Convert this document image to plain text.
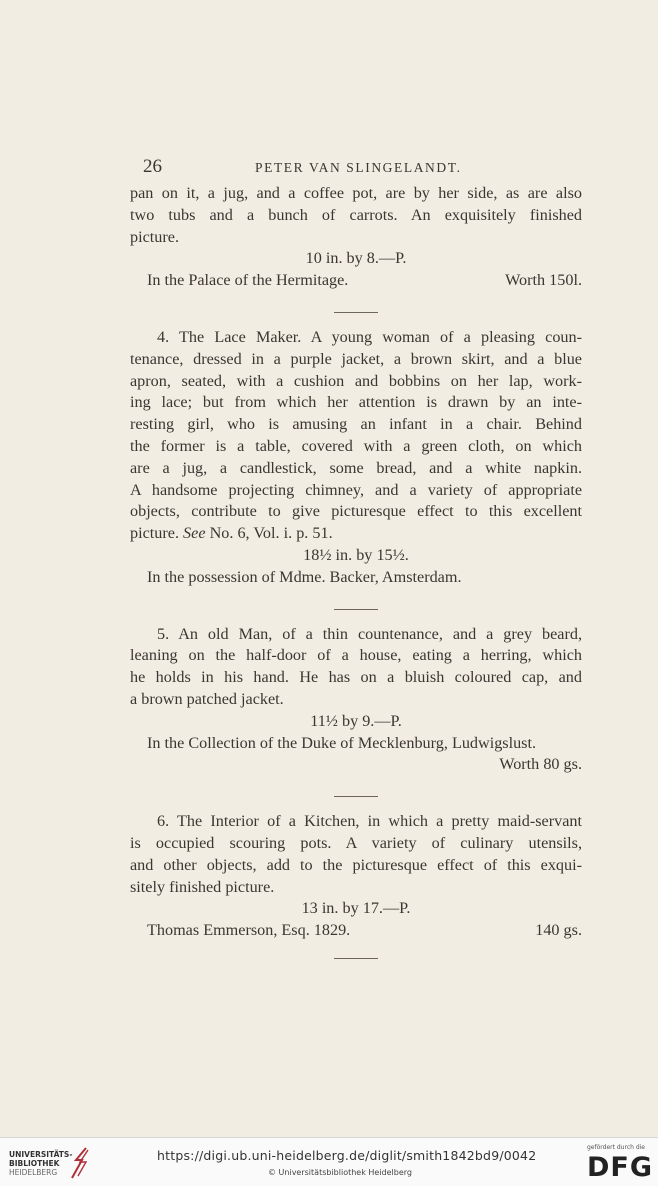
26	PETER VAN SLINGELANDT.
pan on it, a jug, and a coffee pot, are by her side, as are also
two tubs and a bunch of carrots. An exquisitely finished
picture.
10 in. by 8.—P.
In the Palace of the Hermitage.	Worth 150l.
4. The Lace Maker. A young woman of a pleasing coun-
tenance, dressed in a purple jacket, a brown skirt, and a blue
apron, seated, with a cushion and bobbins on her lap, work-
ing lace; but from which her attention is drawn by an inte-
resting girl, who is amusing an infant in a chair. Behind
the former is a table, covered with a green cloth, on which
are a jug, a candlestick, some bread, and a white napkin.
A handsome projecting chimney, and a variety of appropriate
objects, contribute to give picturesque effect to this excellent
picture. See No. 6, Vol. i. p. 51.
18½ in. by 15½.
In the possession of Mdme. Backer, Amsterdam.
5. An old Man, of a thin countenance, and a grey beard,
leaning on the half-door of a house, eating a herring, which
he holds in his hand. He has on a bluish coloured cap, and
a brown patched jacket.
11½ by 9.—P.
In the Collection of the Duke of Mecklenburg, Ludwigslust.
Worth 80 gs.
6. The Interior of a Kitchen, in which a pretty maid-servant
is occupied scouring pots. A variety of culinary utensils,
and other objects, add to the picturesque effect of this exqui-
sitely finished picture.
13 in. by 17.—P.
Thomas Emmerson, Esq. 1829.	140 gs.
UNIVERSITÄTS-
BIBLIOTHEK
HEIDELBERG
https://digi.ub.uni-heidelberg.de/diglit/smith1842bd9/0042
© Universitätsbibliothek Heidelberg
gefördert durch die
DFG
